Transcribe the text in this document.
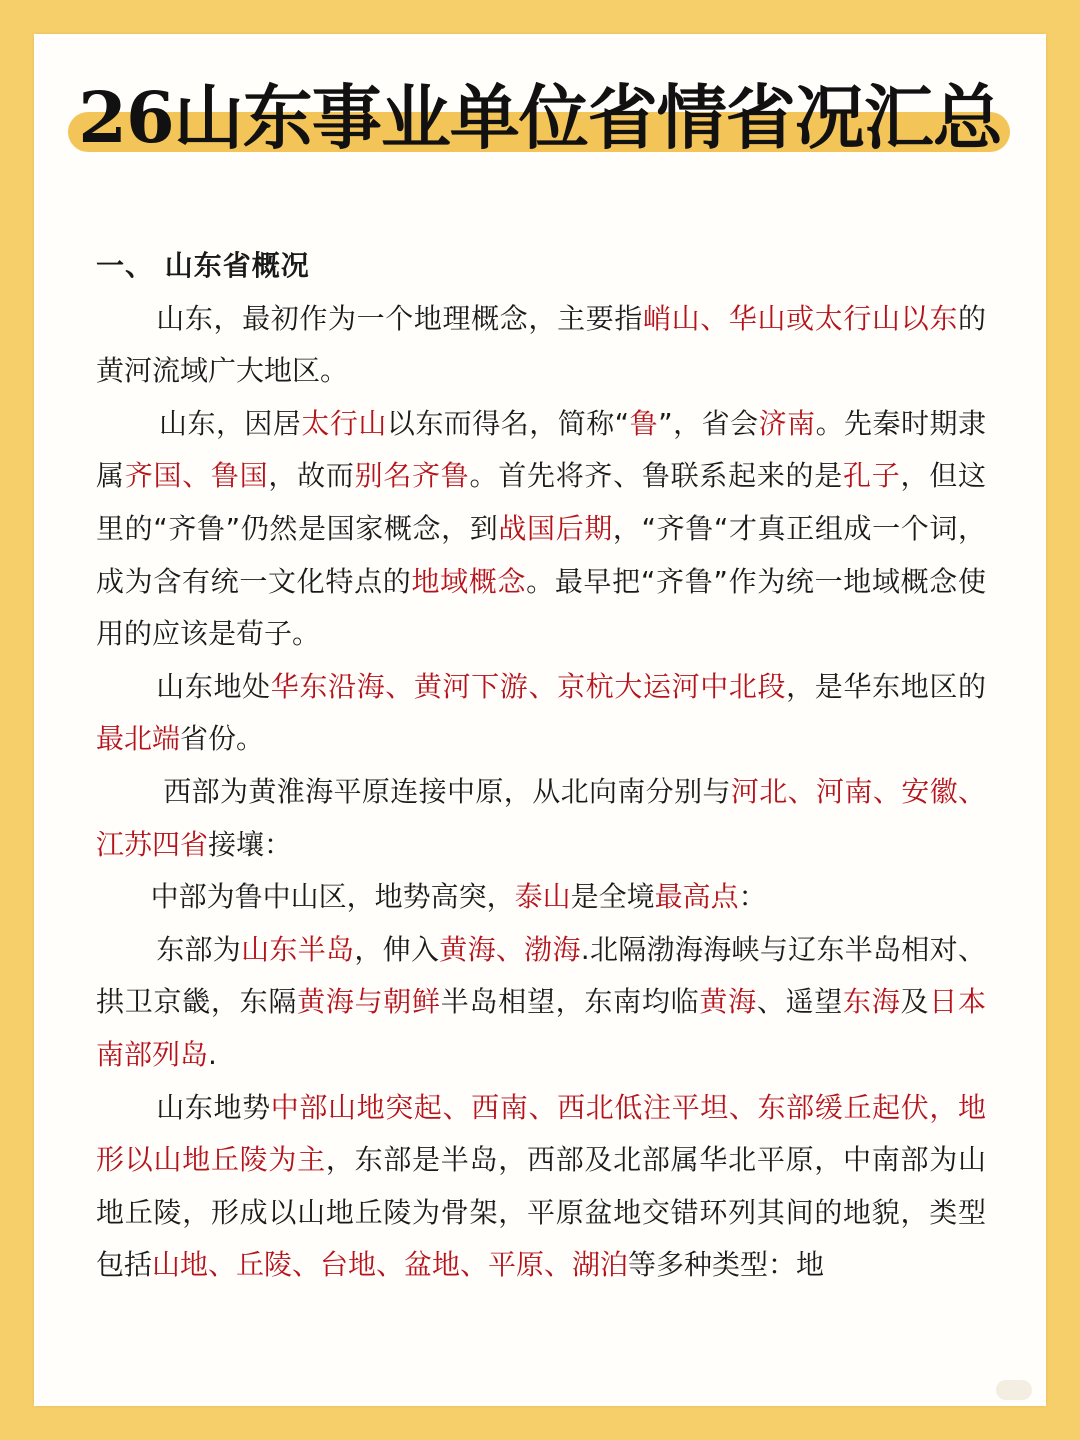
26山东事业单位省情省况汇总
一、 山东省概况

山东，最初作为一个地理概念，主要指峭山、华山或太行山以东的黄河流域广大地区。

山东，因居太行山以东而得名，简称“鲁”，省会济南。先秦时期隶属齐国、鲁国，故而别名齐鲁。首先将齐、鲁联系起来的是孔子，但这里的“齐鲁”仍然是国家概念，到战国后期，“齐鲁“才真正组成一个词，成为含有统一文化特点的地域概念。最早把“齐鲁”作为统一地域概念使用的应该是荀子。

山东地处华东沿海、黄河下游、京杭大运河中北段，是华东地区的最北端省份。

西部为黄淮海平原连接中原，从北向南分别与河北、河南、安徽、江苏四省接壤：

中部为鲁中山区，地势高突，泰山是全境最高点：

东部为山东半岛，伸入黄海、渤海.北隔渤海海峡与辽东半岛相对、拱卫京畿，东隔黄海与朝鲜半岛相望，东南均临黄海、遥望东海及日本南部列岛.

山东地势中部山地突起、西南、西北低注平坦、东部缓丘起伏，地形以山地丘陵为主，东部是半岛，西部及北部属华北平原，中南部为山地丘陵，形成以山地丘陵为骨架，平原盆地交错环列其间的地貌，类型包括山地、丘陵、台地、盆地、平原、湖泊等多种类型：地
